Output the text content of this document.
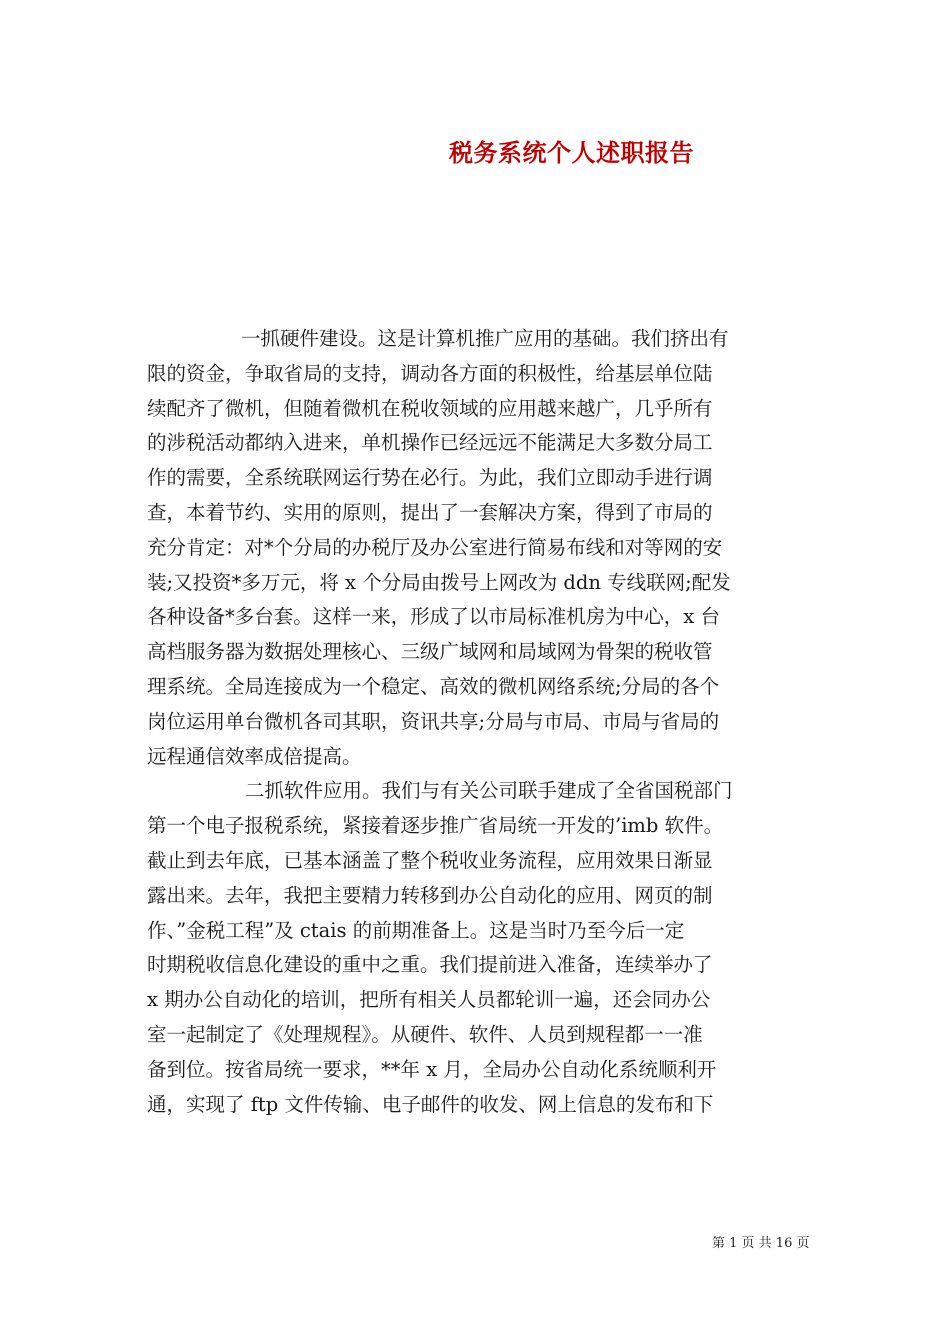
税务系统个人述职报告
一抓硬件建设。这是计算机推广应用的基础。我们挤出有
限的资金，争取省局的支持，调动各方面的积极性，给基层单位陆
续配齐了微机，但随着微机在税收领域的应用越来越广，几乎所有
的涉税活动都纳入进来，单机操作已经远远不能满足大多数分局工
作的需要，全系统联网运行势在必行。为此，我们立即动手进行调
查，本着节约、实用的原则，提出了一套解决方案，得到了市局的
充分肯定：对*个分局的办税厅及办公室进行简易布线和对等网的安
装;又投资*多万元，将 x 个分局由拨号上网改为 ddn 专线联网;配发
各种设备*多台套。这样一来，形成了以市局标准机房为中心，x 台
高档服务器为数据处理核心、三级广域网和局域网为骨架的税收管
理系统。全局连接成为一个稳定、高效的微机网络系统;分局的各个
岗位运用单台微机各司其职，资讯共享;分局与市局、市局与省局的
远程通信效率成倍提高。
二抓软件应用。我们与有关公司联手建成了全省国税部门
第一个电子报税系统，紧接着逐步推广省局统一开发的’imb 软件。
截止到去年底，已基本涵盖了整个税收业务流程，应用效果日渐显
露出来。去年，我把主要精力转移到办公自动化的应用、网页的制
作、”金税工程”及 ctais 的前期准备上。这是当时乃至今后一定
时期税收信息化建设的重中之重。我们提前进入准备，连续举办了
x 期办公自动化的培训，把所有相关人员都轮训一遍，还会同办公
室一起制定了《处理规程》。从硬件、软件、人员到规程都一一准
备到位。按省局统一要求，**年 x 月，全局办公自动化系统顺利开
通，实现了 ftp 文件传输、电子邮件的收发、网上信息的发布和下
第 1 页 共 16 页
